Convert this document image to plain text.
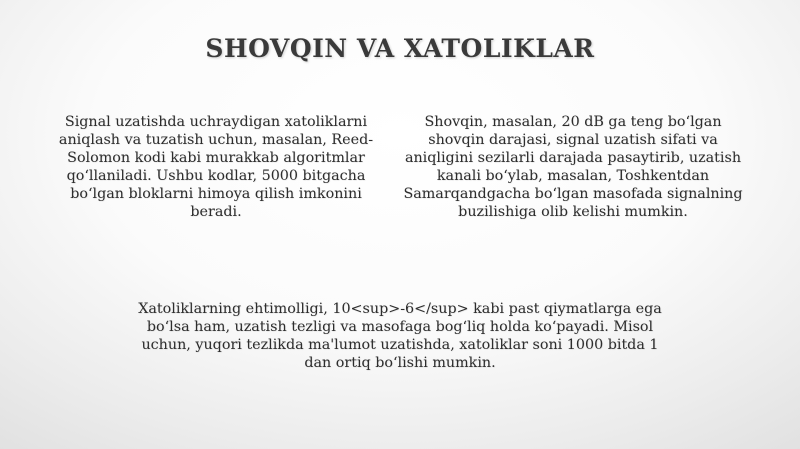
SHOVQIN VA XATOLIKLAR

Signal uzatishda uchraydigan xatoliklarni aniqlash va tuzatish uchun, masalan, Reed-Solomon kodi kabi murakkab algoritmlar qo‘llaniladi. Ushbu kodlar, 5000 bitgacha bo‘lgan bloklarni himoya qilish imkonini beradi.

Shovqin, masalan, 20 dB ga teng bo‘lgan shovqin darajasi, signal uzatish sifati va aniqligini sezilarli darajada pasaytirib, uzatish kanali bo‘ylab, masalan, Toshkentdan Samarqandgacha bo‘lgan masofada signalning buzilishiga olib kelishi mumkin.

Xatoliklarning ehtimolligi, 10<sup>-6</sup> kabi past qiymatlarga ega bo‘lsa ham, uzatish tezligi va masofaga bog‘liq holda ko‘payadi. Misol uchun, yuqori tezlikda ma'lumot uzatishda, xatoliklar soni 1000 bitda 1 dan ortiq bo‘lishi mumkin.
